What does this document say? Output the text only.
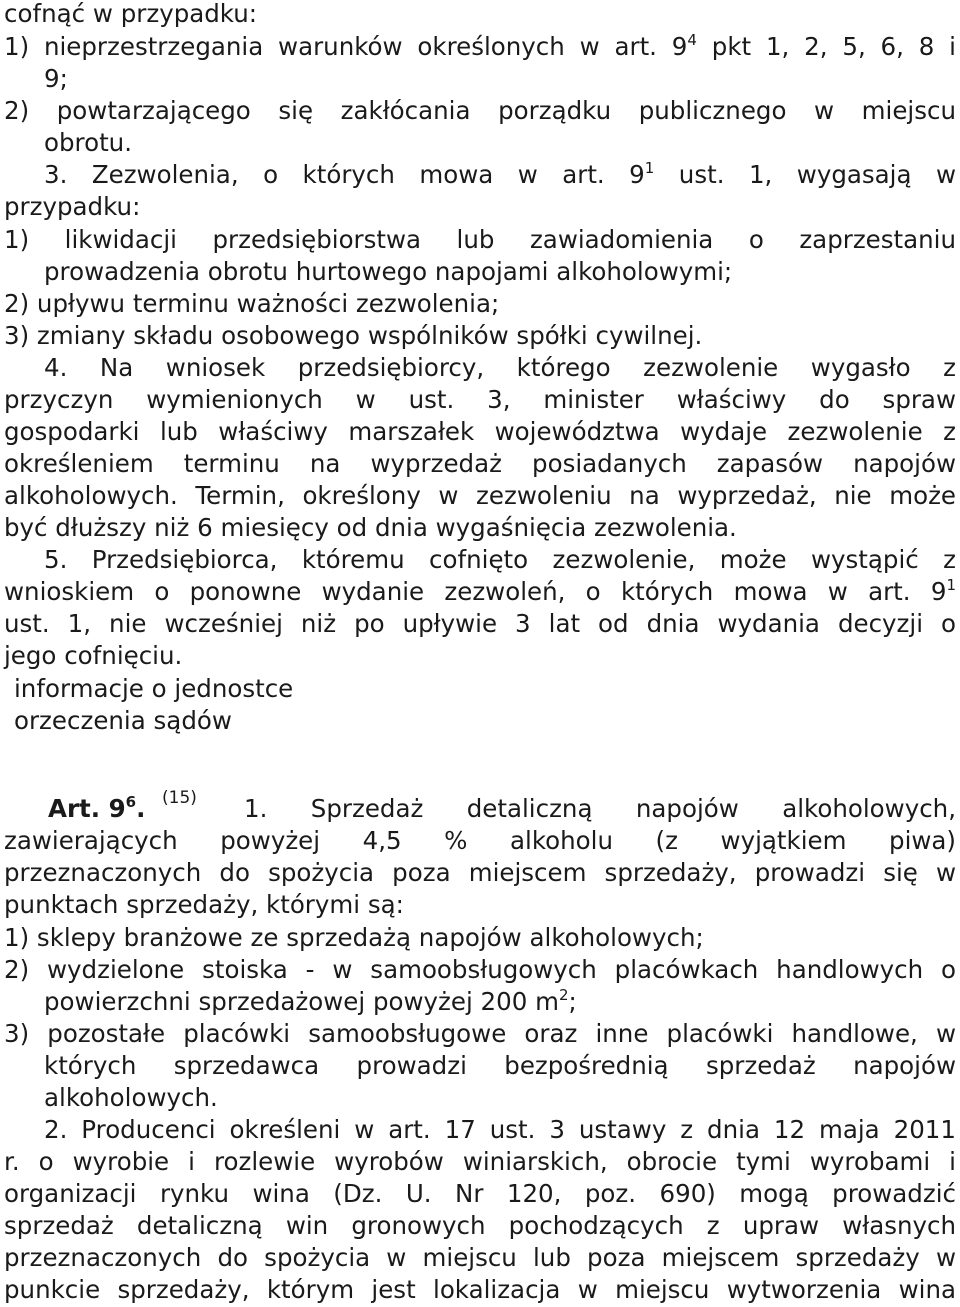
cofnąć w przypadku:
1) nieprzestrzegania warunków określonych w art. $9^4$ pkt 1, 2, 5, 6, 8 i
9;
2) powtarzającego się zakłócania porządku publicznego w miejscu
obrotu.
3. Zezwolenia, o których mowa w art. $9^1$ ust. 1, wygasają w
przypadku:
1) likwidacji przedsiębiorstwa lub zawiadomienia o zaprzestaniu
prowadzenia obrotu hurtowego napojami alkoholowymi;
2) upływu terminu ważności zezwolenia;
3) zmiany składu osobowego wspólników spółki cywilnej.
4. Na wniosek przedsiębiorcy, którego zezwolenie wygasło z
przyczyn wymienionych w ust. 3, minister właściwy do spraw
gospodarki lub właściwy marszałek województwa wydaje zezwolenie z
określeniem terminu na wyprzedaż posiadanych zapasów napojów
alkoholowych. Termin, określony w zezwoleniu na wyprzedaż, nie może
być dłuższy niż 6 miesięcy od dnia wygaśnięcia zezwolenia.
5. Przedsiębiorca, któremu cofnięto zezwolenie, może wystąpić z
wnioskiem o ponowne wydanie zezwoleń, o których mowa w art. $9^1$
ust. 1, nie wcześniej niż po upływie 3 lat od dnia wydania decyzji o
jego cofnięciu.
informacje o jednostce
orzeczenia sądów
Art. $9^6$. (15) 1. Sprzedaż detaliczną napojów alkoholowych,
zawierających powyżej 4,5 % alkoholu (z wyjątkiem piwa)
przeznaczonych do spożycia poza miejscem sprzedaży, prowadzi się w
punktach sprzedaży, którymi są:
1) sklepy branżowe ze sprzedażą napojów alkoholowych;
2) wydzielone stoiska - w samoobsługowych placówkach handlowych o
powierzchni sprzedażowej powyżej 200 $m^2$;
3) pozostałe placówki samoobsługowe oraz inne placówki handlowe, w
których sprzedawca prowadzi bezpośrednią sprzedaż napojów
alkoholowych.
2. Producenci określeni w art. 17 ust. 3 ustawy z dnia 12 maja 2011
r. o wyrobie i rozlewie wyrobów winiarskich, obrocie tymi wyrobami i
organizacji rynku wina (Dz. U. Nr 120, poz. 690) mogą prowadzić
sprzedaż detaliczną win gronowych pochodzących z upraw własnych
przeznaczonych do spożycia w miejscu lub poza miejscem sprzedaży w
punkcie sprzedaży, którym jest lokalizacja w miejscu wytworzenia wina
